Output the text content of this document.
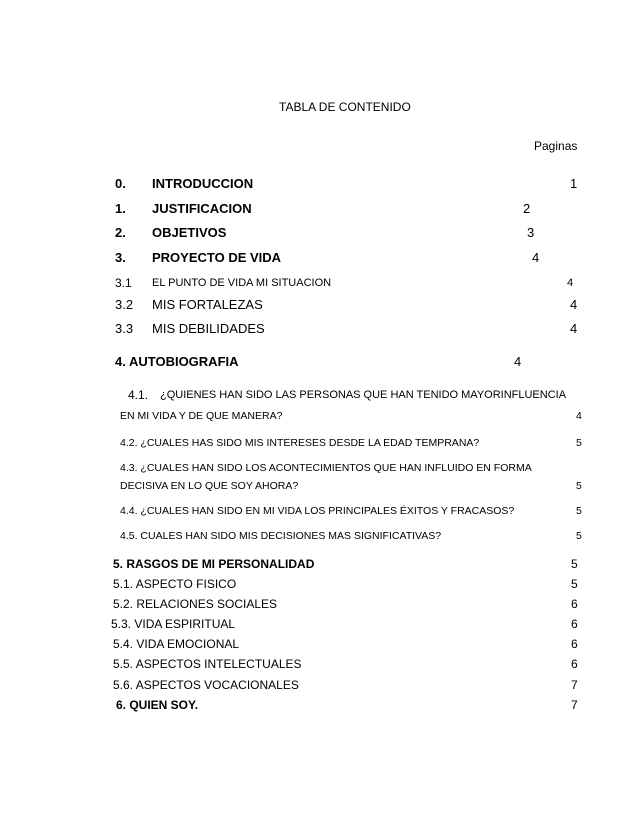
TABLA DE CONTENIDO
Paginas
0. INTRODUCCION	1
1. JUSTIFICACION	2
2. OBJETIVOS	3
3. PROYECTO DE VIDA	4
3.1 EL PUNTO DE VIDA MI SITUACION	4
3.2 MIS FORTALEZAS	4
3.3 MIS DEBILIDADES	4
4. AUTOBIOGRAFIA	4
4.1. ¿QUIENES HAN SIDO LAS PERSONAS QUE HAN TENIDO MAYORINFLUENCIA
EN MI VIDA Y DE QUE MANERA?	4
4.2. ¿CUALES HAS SIDO MIS INTERESES DESDE LA EDAD TEMPRANA?	5
4.3. ¿CUALES HAN SIDO LOS ACONTECIMIENTOS QUE HAN INFLUIDO EN FORMA
DECISIVA EN LO QUE SOY AHORA?	5
4.4. ¿CUALES HAN SIDO EN MI VIDA LOS PRINCIPALES ÉXITOS Y FRACASOS?	5
4.5. CUALES HAN SIDO MIS DECISIONES MAS SIGNIFICATIVAS?	5
5. RASGOS DE MI PERSONALIDAD	5
5.1. ASPECTO FISICO	5
5.2. RELACIONES SOCIALES	6
5.3. VIDA ESPIRITUAL	6
5.4. VIDA EMOCIONAL	6
5.5. ASPECTOS INTELECTUALES	6
5.6. ASPECTOS VOCACIONALES	7
6. QUIEN SOY.	7
